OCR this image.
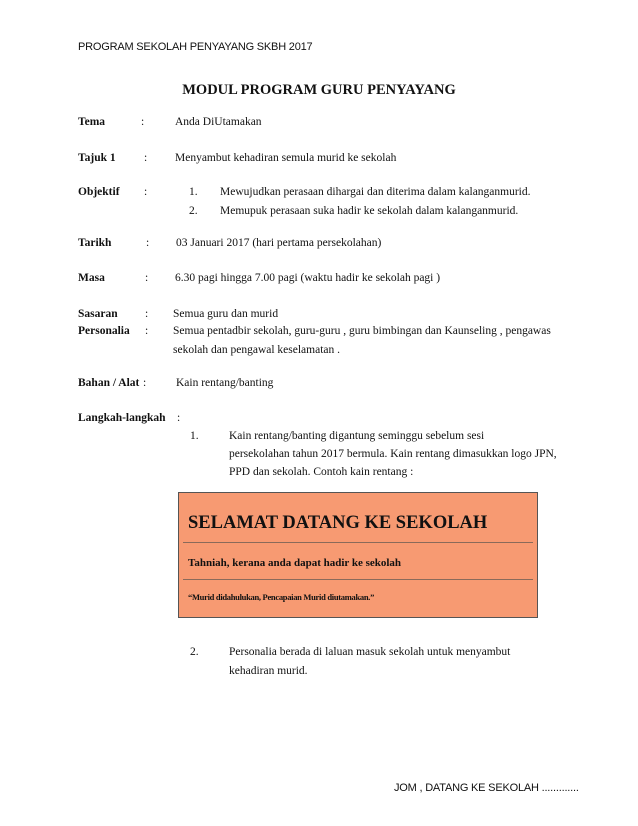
PROGRAM SEKOLAH PENYAYANG SKBH 2017
MODUL PROGRAM GURU PENYAYANG
Tema	:	Anda DiUtamakan
Tajuk 1 : Menyambut kehadiran semula murid ke sekolah
Objektif :	1. Mewujudkan perasaan dihargai dan diterima dalam kalanganmurid.
2. Memupuk perasaan suka hadir ke sekolah dalam kalanganmurid.
Tarikh	: 03 Januari 2017 (hari pertama persekolahan)
Masa	: 6.30 pagi hingga 7.00 pagi (waktu hadir ke sekolah pagi )
Sasaran : Semua guru dan murid
Personalia : Semua pentadbir sekolah, guru-guru , guru bimbingan dan Kaunseling , pengawas
sekolah dan pengawal keselamatan .
Bahan / Alat :	Kain rentang/banting
Langkah-langkah :
1.	Kain rentang/banting digantung seminggu sebelum sesi
persekolahan tahun 2017 bermula. Kain rentang dimasukkan logo JPN,
PPD dan sekolah. Contoh kain rentang :
SELAMAT DATANG KE SEKOLAH
Tahniah, kerana anda dapat hadir ke sekolah
“Murid didahulukan, Pencapaian Murid diutamakan.”
2.	Personalia berada di laluan masuk sekolah untuk menyambut
kehadiran murid.
JOM , DATANG KE SEKOLAH .............
